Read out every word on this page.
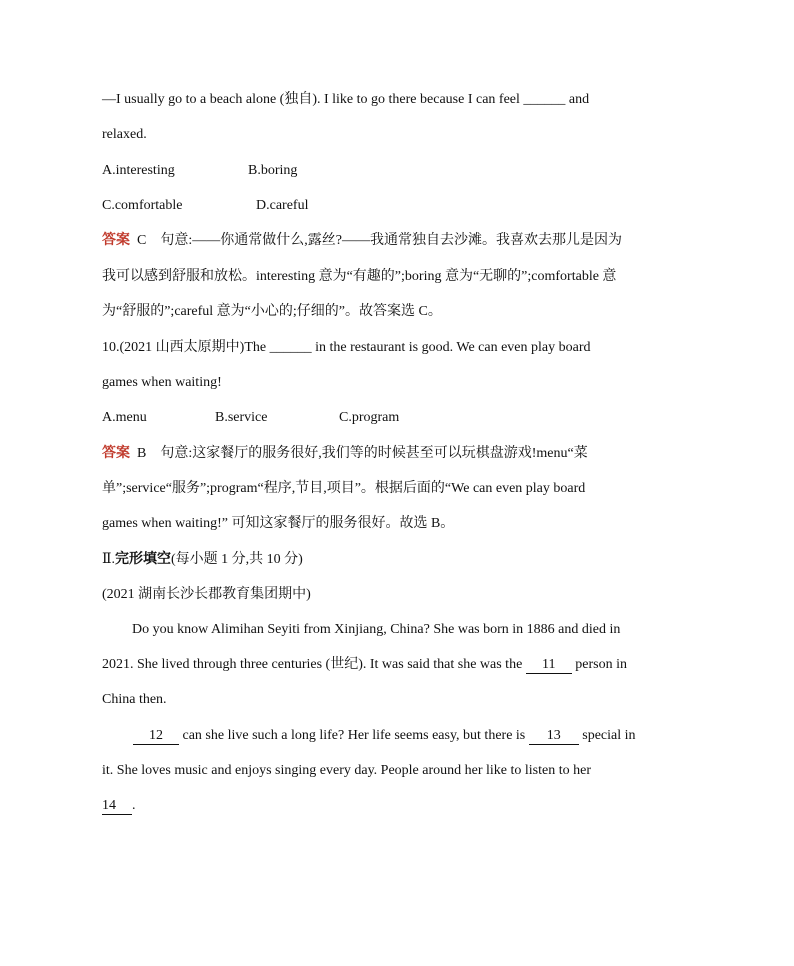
—I usually go to a beach alone (独自). I like to go there because I can feel ______ and
relaxed.
A.interesting	B.boring
C.comfortable	D.careful
答案 C 句意:——你通常做什么,露丝?——我通常独自去沙滩。我喜欢去那儿是因为
我可以感到舒服和放松。interesting 意为“有趣的”;boring 意为“无聊的”;comfortable 意
为“舒服的”;careful 意为“小心的;仔细的”。故答案选 C。
10.(2021 山西太原期中)The ______ in the restaurant is good. We can even play board
games when waiting!
A.menu	B.service	C.program
答案 B 句意:这家餐厅的服务很好,我们等的时候甚至可以玩棋盘游戏!menu“菜
单”;service“服务”;program“程序,节目,项目”。根据后面的“We can even play board
games when waiting!” 可知这家餐厅的服务很好。故选 B。
Ⅱ.完形填空(每小题 1 分,共 10 分)
(2021 湖南长沙长郡教育集团期中)
Do you know Alimihan Seyiti from Xinjiang, China? She was born in 1886 and died in
2021. She lived through three centuries (世纪). It was said that she was the 11 person in
China then.
12 can she live such a long life? Her life seems easy, but there is 13 special in
it. She loves music and enjoys singing every day. People around her like to listen to her
14 .
